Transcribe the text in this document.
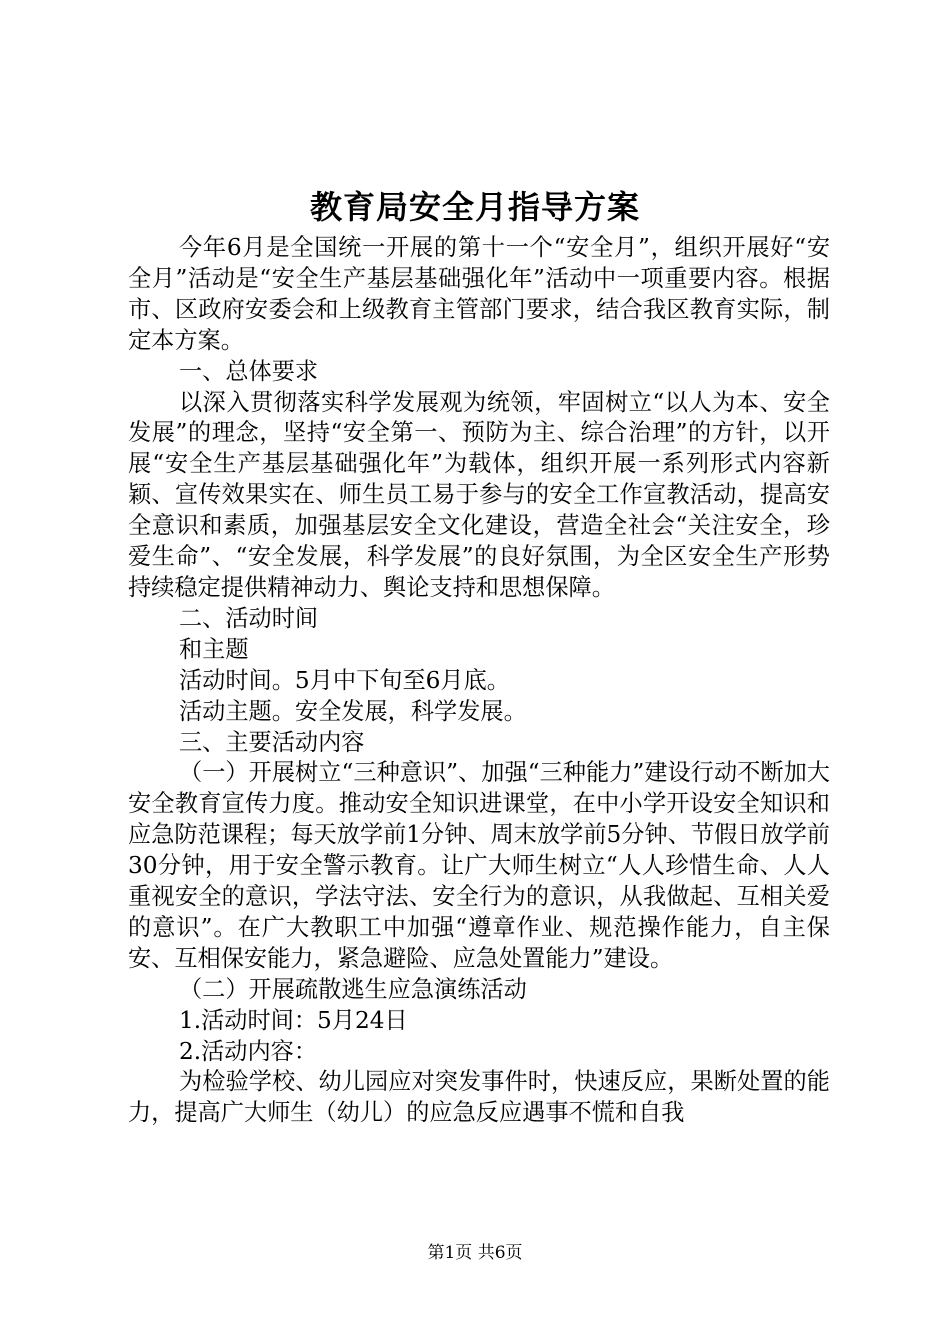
教育局安全月指导方案

今年6月是全国统一开展的第十一个“安全月”，组织开展好“安全月”活动是“安全生产基层基础强化年”活动中一项重要内容。根据市、区政府安委会和上级教育主管部门要求，结合我区教育实际，制定本方案。

一、总体要求

以深入贯彻落实科学发展观为统领，牢固树立“以人为本、安全发展”的理念，坚持“安全第一、预防为主、综合治理”的方针，以开展“安全生产基层基础强化年”为载体，组织开展一系列形式内容新颖、宣传效果实在、师生员工易于参与的安全工作宣教活动，提高安全意识和素质，加强基层安全文化建设，营造全社会“关注安全，珍爱生命”、“安全发展，科学发展”的良好氛围，为全区安全生产形势持续稳定提供精神动力、舆论支持和思想保障。

二、活动时间

和主题

活动时间。5月中下旬至6月底。

活动主题。安全发展，科学发展。

三、主要活动内容

（一）开展树立“三种意识”、加强“三种能力”建设行动不断加大安全教育宣传力度。推动安全知识进课堂，在中小学开设安全知识和应急防范课程；每天放学前1分钟、周末放学前5分钟、节假日放学前30分钟，用于安全警示教育。让广大师生树立“人人珍惜生命、人人重视安全的意识，学法守法、安全行为的意识，从我做起、互相关爱的意识”。在广大教职工中加强“遵章作业、规范操作能力，自主保安、互相保安能力，紧急避险、应急处置能力”建设。

（二）开展疏散逃生应急演练活动

1.活动时间：5月24日

2.活动内容：

为检验学校、幼儿园应对突发事件时，快速反应，果断处置的能力，提高广大师生（幼儿）的应急反应遇事不慌和自我

第1页 共6页
